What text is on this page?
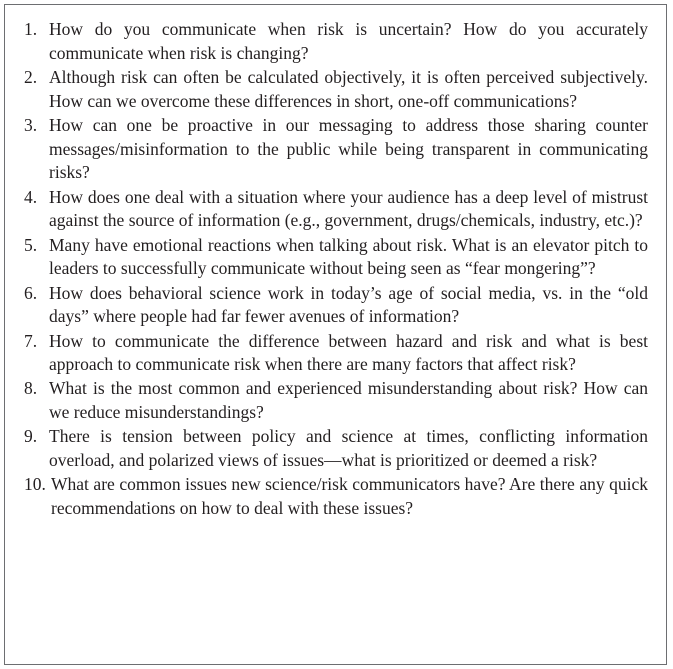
1. How do you communicate when risk is uncertain? How do you accurately communicate when risk is changing?
2. Although risk can often be calculated objectively, it is often perceived subjectively. How can we overcome these differences in short, one-off communications?
3. How can one be proactive in our messaging to address those sharing counter messages/misinformation to the public while being transparent in communicating risks?
4. How does one deal with a situation where your audience has a deep level of mistrust against the source of information (e.g., government, drugs/chemicals, industry, etc.)?
5. Many have emotional reactions when talking about risk. What is an elevator pitch to leaders to successfully communicate without being seen as “fear mongering”?
6. How does behavioral science work in today’s age of social media, vs. in the “old days” where people had far fewer avenues of information?
7. How to communicate the difference between hazard and risk and what is best approach to communicate risk when there are many factors that affect risk?
8. What is the most common and experienced misunderstanding about risk? How can we reduce misunderstandings?
9. There is tension between policy and science at times, conflicting information overload, and polarized views of issues—what is prioritized or deemed a risk?
10. What are common issues new science/risk communicators have? Are there any quick recommendations on how to deal with these issues?
